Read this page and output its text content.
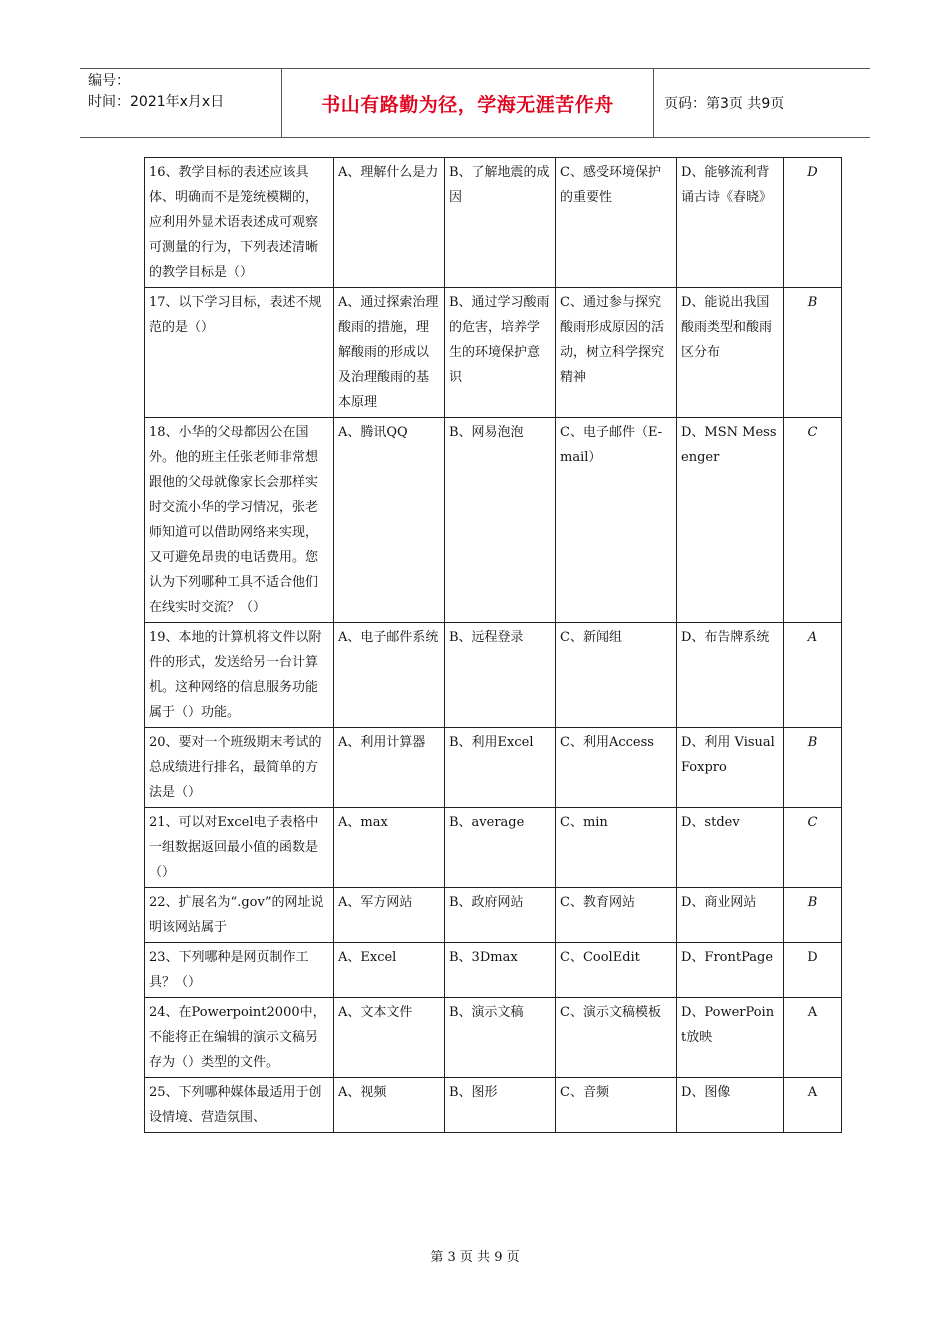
编号：
时间：2021年x月x日	书山有路勤为径，学海无涯苦作舟	页码：第3页 共9页
16、教学目标的表述应该具体、明确而不是笼统模糊的，应利用外显术语表述成可观察可测量的行为，下列表述清晰的教学目标是（）	A、理解什么是力	B、了解地震的成因	C、感受环境保护的重要性	D、能够流利背诵古诗《春晓》	D
17、以下学习目标，表述不规范的是（）	A、通过探索治理酸雨的措施，理解酸雨的形成以及治理酸雨的基本原理	B、通过学习酸雨的危害，培养学生的环境保护意识	C、通过参与探究酸雨形成原因的活动，树立科学探究精神	D、能说出我国酸雨类型和酸雨区分布	B
18、小华的父母都因公在国外。他的班主任张老师非常想跟他的父母就像家长会那样实时交流小华的学习情况，张老师知道可以借助网络来实现，又可避免昂贵的电话费用。您认为下列哪种工具不适合他们在线实时交流？（）	A、腾讯QQ	B、网易泡泡	C、电子邮件（E-mail）	D、MSN Messenger	C
19、本地的计算机将文件以附件的形式，发送给另一台计算机。这种网络的信息服务功能属于（）功能。	A、电子邮件系统	B、远程登录	C、新闻组	D、布告牌系统	A
20、要对一个班级期末考试的总成绩进行排名，最简单的方法是（）	A、利用计算器	B、利用Excel	C、利用Access	D、利用 Visual Foxpro	B
21、可以对Excel电子表格中一组数据返回最小值的函数是（）	A、max	B、average	C、min	D、stdev	C
22、扩展名为“.gov”的网址说明该网站属于	A、军方网站	B、政府网站	C、教育网站	D、商业网站	B
23、下列哪种是网页制作工具？（）	A、Excel	B、3Dmax	C、CoolEdit	D、FrontPage	D
24、在Powerpoint2000中，不能将正在编辑的演示文稿另存为（）类型的文件。	A、文本文件	B、演示文稿	C、演示文稿模板	D、PowerPoint放映	A
25、下列哪种媒体最适用于创设情境、营造氛围、	A、视频	B、图形	C、音频	D、图像	A
第 3 页 共 9 页
